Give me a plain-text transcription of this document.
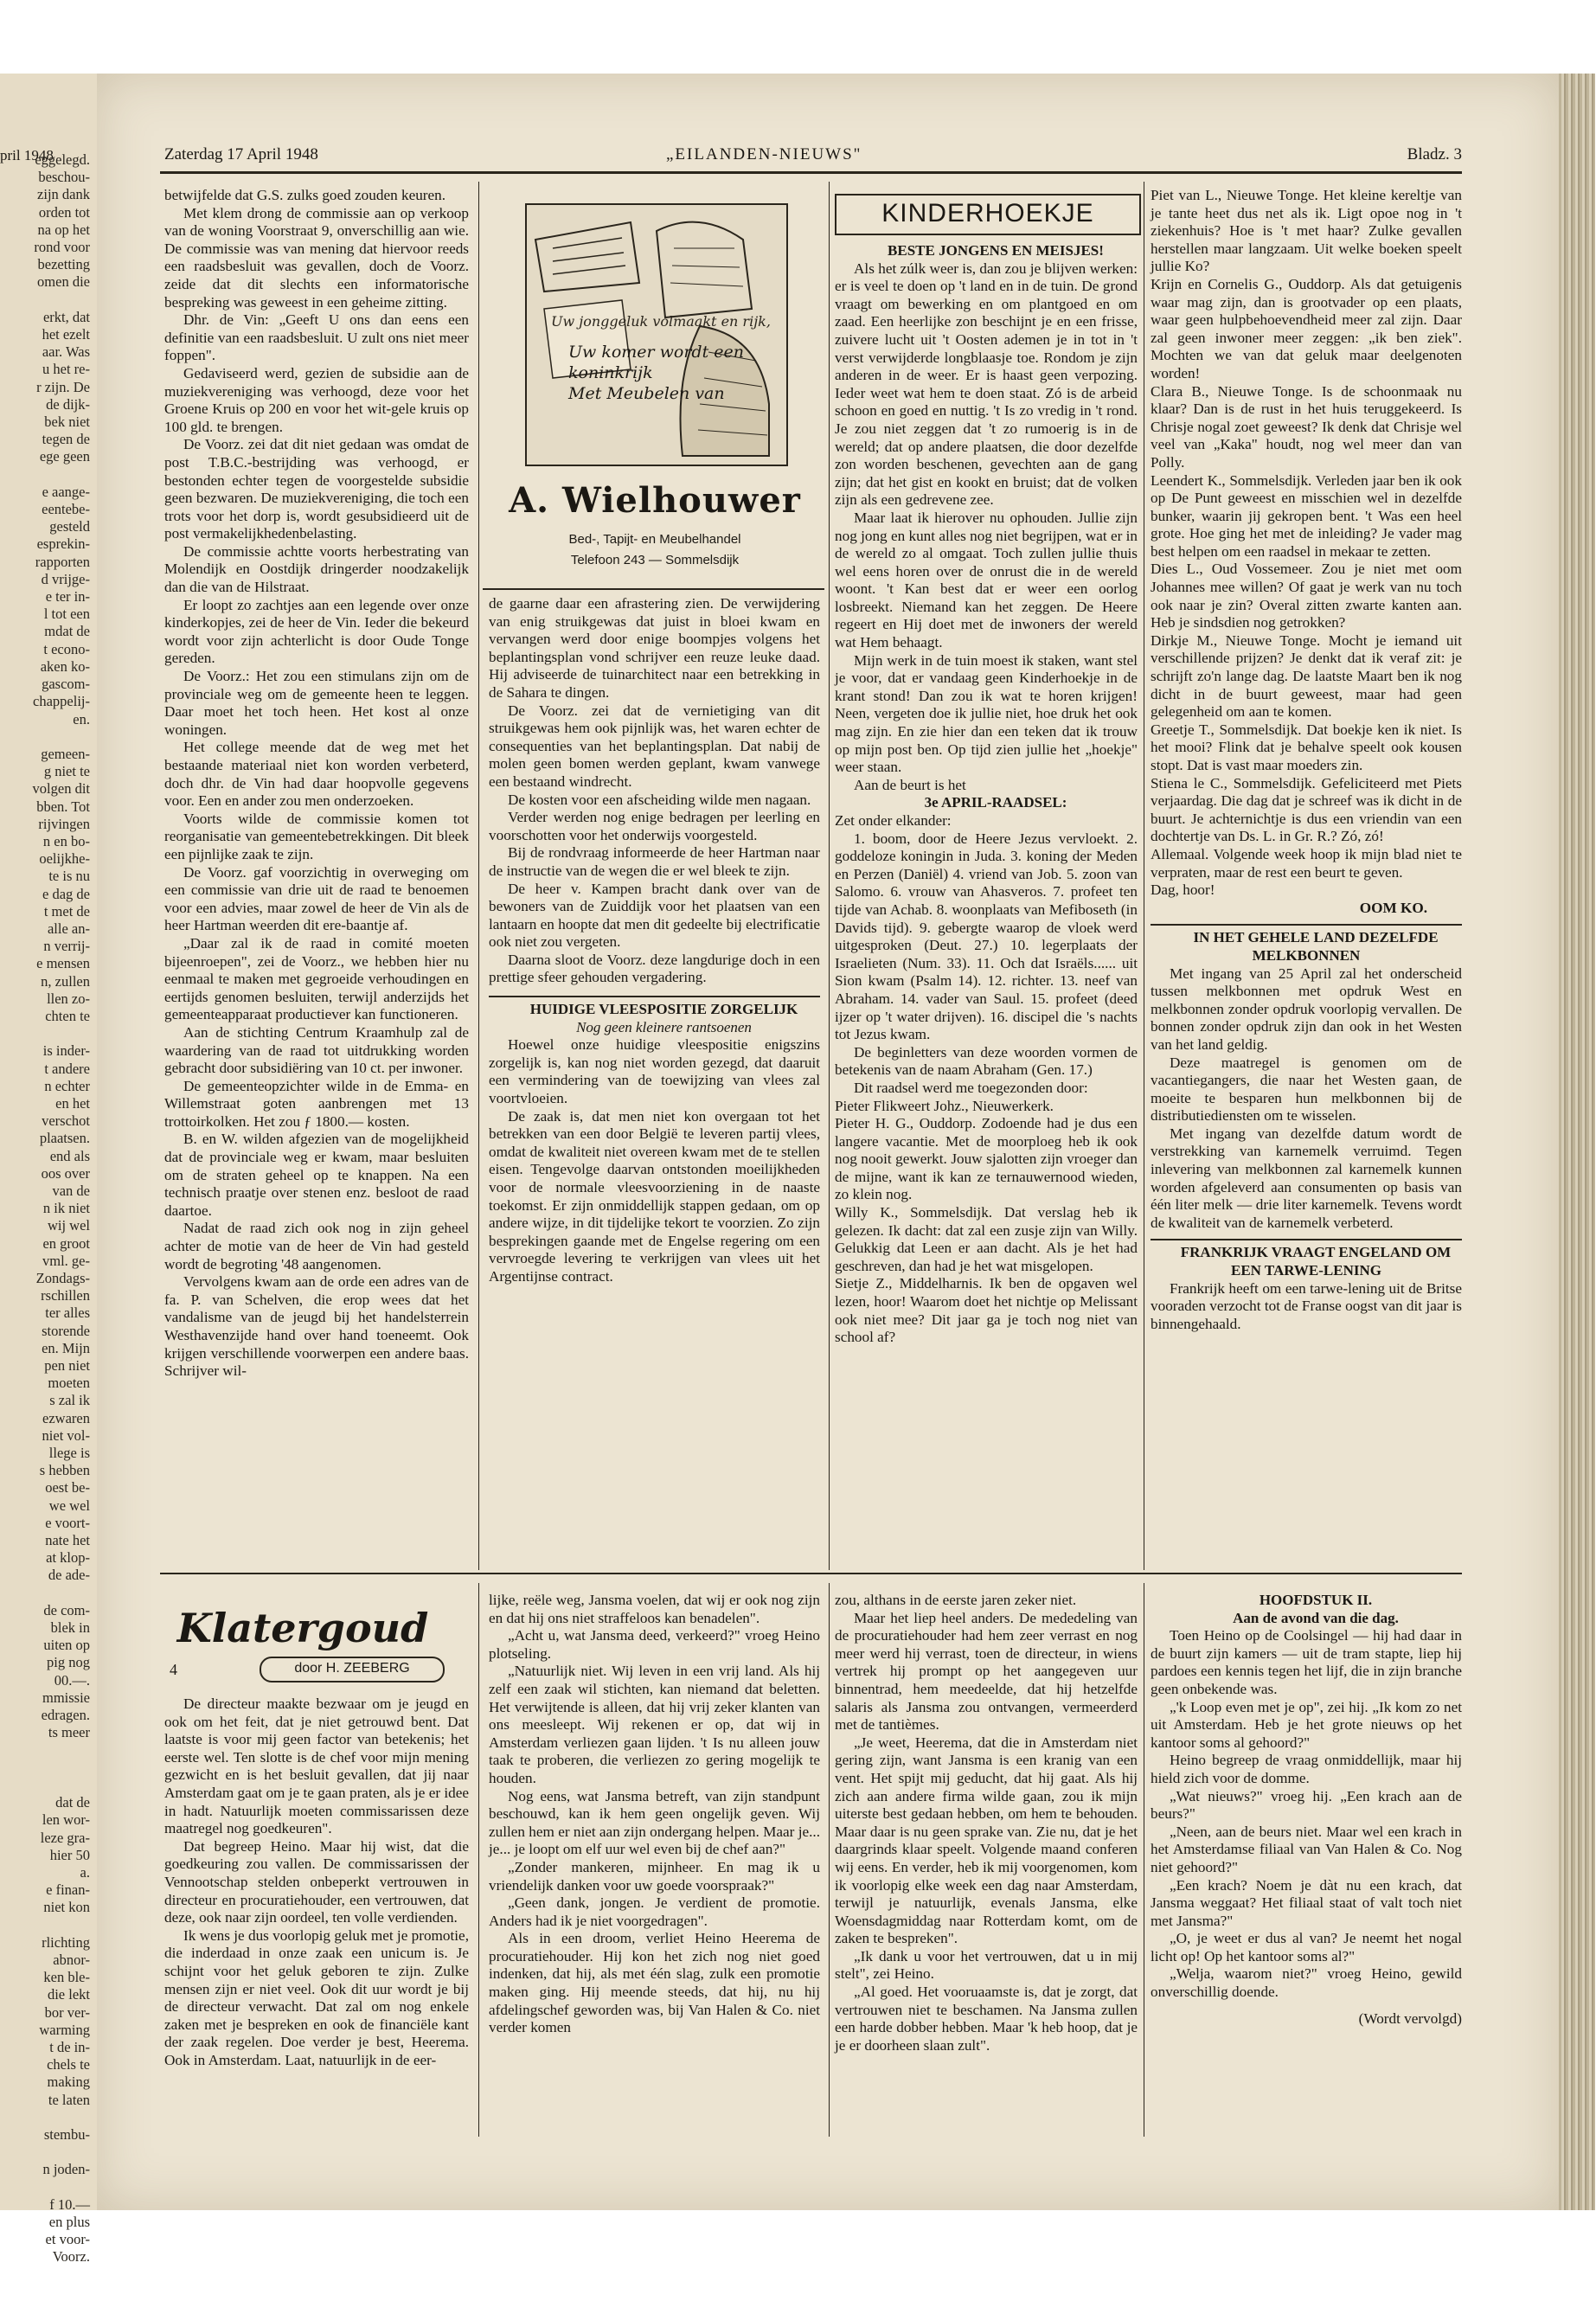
pril 1948
eggelegd.
beschou-
zijn dank
orden tot
na op het
rond voor
bezetting
omen die

erkt, dat
het ezelt
aar. Was
u het re-
r zijn. De
de dijk-
bek niet
tegen de
ege geen

e aange-
eentebe-
gesteld
esprekin-
rapporten
d vrijge-
e ter in-
l tot een
mdat de
t econo-
aken ko-
gascom-
chappelij-
en.

gemeen-
g niet te
volgen dit
bben. Tot
rijvingen
n en bo-
oelijkhe-
te is nu
e dag de
t met de
alle an-
n verrij-
e mensen
n, zullen
llen zo-
chten te

is inder-
t andere
n echter
en het
verschot
plaatsen.
end als
oos over
van de
n ik niet
wij wel
en groot
vml. ge-
Zondags-
rschillen
ter alles
storende
en. Mijn
pen niet
moeten
s zal ik
ezwaren
niet vol-
llege is
s hebben
oest be-
we wel
e voort-
nate het
at klop-
de ade-

de com-
blek in
uiten op
pig nog
00.—.
mmissie
edragen.
ts meer

dat de
len wor-
leze gra-
hier 50
a.
e finan-
niet kon

rlichting
abnor-
ken ble-
die lekt
bor ver-
warming
t de in-
chels te
making
te laten

stembu-

n joden-

f 10.—
en plus
et voor-
Voorz.
Zaterdag 17 April 1948	„EILANDEN-NIEUWS"	Bladz. 3

betwijfelde dat G.S. zulks goed zouden keuren.

Met klem drong de commissie aan op verkoop van de woning Voorstraat 9, onverschillig aan wie. De commissie was van mening dat hiervoor reeds een raadsbesluit was gevallen, doch de Voorz. zeide dat dit slechts een informatorische bespreking was geweest in een geheime zitting.

Dhr. de Vin: „Geeft U ons dan eens een definitie van een raadsbesluit. U zult ons niet meer foppen".

Gedaviseerd werd, gezien de subsidie aan de muziekvereniging was verhoogd, deze voor het Groene Kruis op 200 en voor het wit-gele kruis op 100 gld. te brengen.

De Voorz. zei dat dit niet gedaan was omdat de post T.B.C.-bestrijding was verhoogd, er bestonden echter tegen de voorgestelde subsidie geen bezwaren. De muziekvereniging, die toch een trots voor het dorp is, wordt gesubsidieerd uit de post vermakelijkhedenbelasting.

De commissie achtte voorts herbestrating van Molendijk en Oostdijk dringerder noodzakelijk dan die van de Hilstraat.

Er loopt zo zachtjes aan een legende over onze kinderkopjes, zei de heer de Vin. Ieder die bekeurd wordt voor zijn achterlicht is door Oude Tonge gereden.

De Voorz.: Het zou een stimulans zijn om de provinciale weg om de gemeente heen te leggen. Daar moet het toch heen. Het kost al onze woningen.

Het college meende dat de weg met het bestaande materiaal niet kon worden verbeterd, doch dhr. de Vin had daar hoopvolle gegevens voor. Een en ander zou men onderzoeken.

Voorts wilde de commissie komen tot reorganisatie van gemeentebetrekkingen. Dit bleek een pijnlijke zaak te zijn.

De Voorz. gaf voorzichtig in overweging om een commissie van drie uit de raad te benoemen voor een advies, maar zowel de heer de Vin als de heer Hartman weerden dit ere-baantje af.

„Daar zal ik de raad in comité moeten bijeenroepen", zei de Voorz., we hebben hier nu eenmaal te maken met gegroeide verhoudingen en eertijds genomen besluiten, terwijl anderzijds het gemeenteapparaat productiever kan functioneren.

Aan de stichting Centrum Kraamhulp zal de waardering van de raad tot uitdrukking worden gebracht door subsidiëring van 10 ct. per inwoner.

De gemeenteopzichter wilde in de Emma- en Willemstraat goten aanbrengen met 13 trottoirkolken. Het zou ƒ 1800.— kosten.

B. en W. wilden afgezien van de mogelijkheid dat de provinciale weg er kwam, maar besluiten om de straten geheel op te knappen. Na een technisch praatje over stenen enz. besloot de raad daartoe.

Nadat de raad zich ook nog in zijn geheel achter de motie van de heer de Vin had gesteld wordt de begroting '48 aangenomen.

Vervolgens kwam aan de orde een adres van de fa. P. van Schelven, die erop wees dat het vandalisme van de jeugd bij het handelsterrein Westhavenzijde hand over hand toeneemt. Ook krijgen verschillende voorwerpen een andere baas. Schrijver wil-

Uw jonggeluk volmaakt en rijk,
Uw komer wordt een koninkrijk
Met Meubelen van
A. Wielhouwer
Bed-, Tapijt- en Meubelhandel
Telefoon 243 — Sommelsdijk

de gaarne daar een afrastering zien. De verwijdering van enig struikgewas dat juist in bloei kwam en vervangen werd door enige boompjes volgens het beplantingsplan vond schrijver een reuze leuke daad. Hij adviseerde de tuinarchitect naar een betrekking in de Sahara te dingen.

De Voorz. zei dat de vernietiging van dit struikgewas hem ook pijnlijk was, het waren echter de consequenties van het beplantingsplan. Dat nabij de molen geen bomen werden geplant, kwam vanwege een bestaand windrecht.

De kosten voor een afscheiding wilde men nagaan.

Verder werden nog enige bedragen per leerling en voorschotten voor het onderwijs voorgesteld.

Bij de rondvraag informeerde de heer Hartman naar de instructie van de wegen die er wel bleek te zijn.

De heer v. Kampen bracht dank over van de bewoners van de Zuiddijk voor het plaatsen van een lantaarn en hoopte dat men dit gedeelte bij electrificatie ook niet zou vergeten.

Daarna sloot de Voorz. deze langdurige doch in een prettige sfeer gehouden vergadering.

HUIDIGE VLEESPOSITIE ZORGELIJK

Nog geen kleinere rantsoenen

Hoewel onze huidige vleespositie enigszins zorgelijk is, kan nog niet worden gezegd, dat daaruit een vermindering van de toewijzing van vlees zal voortvloeien.

De zaak is, dat men niet kon overgaan tot het betrekken van een door België te leveren partij vlees, omdat de kwaliteit niet overeen kwam met de te stellen eisen. Tengevolge daarvan ontstonden moeilijkheden voor de normale vleesvoorziening in de naaste toekomst. Er zijn onmiddellijk stappen gedaan, om op andere wijze, in dit tijdelijke tekort te voorzien. Zo zijn besprekingen gaande met de Engelse regering om een vervroegde levering te verkrijgen van vlees uit het Argentijnse contract.

KINDERHOEKJE

BESTE JONGENS EN MEISJES!

Als het zúlk weer is, dan zou je blijven werken: er is veel te doen op 't land en in de tuin. De grond vraagt om bewerking en om plantgoed en om zaad. Een heerlijke zon beschijnt je en een frisse, zuivere lucht uit 't Oosten ademen je in tot in 't verst verwijderde longblaasje toe. Rondom je zijn anderen in de weer. Er is haast geen verpozing. Ieder weet wat hem te doen staat. Zó is de arbeid schoon en goed en nuttig. 't Is zo vredig in 't rond. Je zou niet zeggen dat 't zo rumoerig is in de wereld; dat op andere plaatsen, die door dezelfde zon worden beschenen, gevechten aan de gang zijn; dat het gist en kookt en bruist; dat de volken zijn als een gedrevene zee.

Maar laat ik hierover nu ophouden. Jullie zijn nog jong en kunt alles nog niet begrijpen, wat er in de wereld zo al omgaat. Toch zullen jullie thuis wel eens horen over de onrust die in de wereld woont. 't Kan best dat er weer een oorlog losbreekt. Niemand kan het zeggen. De Heere regeert en Hij doet met de inwoners der wereld wat Hem behaagt.

Mijn werk in de tuin moest ik staken, want stel je voor, dat er vandaag geen Kinderhoekje in de krant stond! Dan zou ik wat te horen krijgen! Neen, vergeten doe ik jullie niet, hoe druk het ook mag zijn. En zie hier dan een teken dat ik trouw op mijn post ben. Op tijd zien jullie het „hoekje" weer staan.

Aan de beurt is het

3e APRIL-RAADSEL:

Zet onder elkander:

1. boom, door de Heere Jezus vervloekt. 2. goddeloze koningin in Juda. 3. koning der Meden en Perzen (Daniël) 4. vriend van Job. 5. zoon van Salomo. 6. vrouw van Ahasveros. 7. profeet ten tijde van Achab. 8. woonplaats van Mefiboseth (in Davids tijd). 9. gebergte waarop de vloek werd uitgesproken (Deut. 27.) 10. legerplaats der Israelieten (Num. 33). 11. Och dat Israëls...... uit Sion kwam (Psalm 14). 12. richter. 13. neef van Abraham. 14. vader van Saul. 15. profeet (deed ijzer op 't water drijven). 16. discipel die 's nachts tot Jezus kwam.

De beginletters van deze woorden vormen de betekenis van de naam Abraham (Gen. 17.)

Dit raadsel werd me toegezonden door:

Pieter Flikweert Johz., Nieuwerkerk.

Pieter H. G., Ouddorp. Zodoende had je dus een langere vacantie. Met de moorploeg heb ik ook nog nooit gewerkt. Jouw sjalotten zijn vroeger dan de mijne, want ik kan ze ternauwernood wieden, zo klein nog.

Willy K., Sommelsdijk. Dat verslag heb ik gelezen. Ik dacht: dat zal een zusje zijn van Willy. Gelukkig dat Leen er aan dacht. Als je het had geschreven, dan had je het wat misgelopen.

Sietje Z., Middelharnis. Ik ben de opgaven wel lezen, hoor! Waarom doet het nichtje op Melissant ook niet mee? Dit jaar ga je toch nog niet van school af?

Piet van L., Nieuwe Tonge. Het kleine kereltje van je tante heet dus net als ik. Ligt opoe nog in 't ziekenhuis? Hoe is 't met haar? Zulke gevallen herstellen maar langzaam. Uit welke boeken speelt jullie Ko?

Krijn en Cornelis G., Ouddorp. Als dat getuigenis waar mag zijn, dan is grootvader op een plaats, waar geen hulpbehoevendheid meer zal zijn. Daar zal geen inwoner meer zeggen: „ik ben ziek". Mochten we van dat geluk maar deelgenoten worden!

Clara B., Nieuwe Tonge. Is de schoonmaak nu klaar? Dan is de rust in het huis teruggekeerd. Is Chrisje nogal zoet geweest? Ik denk dat Chrisje wel veel van „Kaka" houdt, nog wel meer dan van Polly.

Leendert K., Sommelsdijk. Verleden jaar ben ik ook op De Punt geweest en misschien wel in dezelfde bunker, waarin jij gekropen bent. 't Was een heel grote. Hoe ging het met de inleiding? Je vader mag best helpen om een raadsel in mekaar te zetten.

Dies L., Oud Vossemeer. Zou je niet met oom Johannes mee willen? Of gaat je werk van nu toch ook naar je zin? Overal zitten zwarte kanten aan. Heb je sindsdien nog getrokken?

Dirkje M., Nieuwe Tonge. Mocht je iemand uit verschillende prijzen? Je denkt dat ik veraf zit: je schrijft zo'n lange dag. De laatste Maart ben ik nog dicht in de buurt geweest, maar had geen gelegenheid om aan te komen.

Greetje T., Sommelsdijk. Dat boekje ken ik niet. Is het mooi? Flink dat je behalve speelt ook kousen stopt. Dat is vast maar moeders zin.

Stiena le C., Sommelsdijk. Gefeliciteerd met Piets verjaardag. Die dag dat je schreef was ik dicht in de buurt. Je achternichtje is dus een vriendin van een dochtertje van Ds. L. in Gr. R.? Zó, zó!

Allemaal. Volgende week hoop ik mijn blad niet te verpraten, maar de rest een beurt te geven.

Dag, hoor!

OOM KO.

IN HET GEHELE LAND DEZELFDE MELKBONNEN

Met ingang van 25 April zal het onderscheid tussen melkbonnen met opdruk West en melkbonnen zonder opdruk voorlopig vervallen. De bonnen zonder opdruk zijn dan ook in het Westen van het land geldig.

Deze maatregel is genomen om de vacantiegangers, die naar het Westen gaan, de moeite te besparen hun melkbonnen bij de distributiediensten om te wisselen.

Met ingang van dezelfde datum wordt de verstrekking van karnemelk verruimd. Tegen inlevering van melkbonnen zal karnemelk kunnen worden afgeleverd aan consumenten op basis van één liter melk — drie liter karnemelk. Tevens wordt de kwaliteit van de karnemelk verbeterd.

FRANKRIJK VRAAGT ENGELAND OM EEN TARWE-LENING

Frankrijk heeft om een tarwe-lening uit de Britse vooraden verzocht tot de Franse oogst van dit jaar is binnengehaald.

Klatergoud
4	door H. ZEEBERG

De directeur maakte bezwaar om je jeugd en ook om het feit, dat je niet getrouwd bent. Dat laatste is voor mij geen factor van betekenis; het eerste wel. Ten slotte is de chef voor mijn mening gezwicht en is het besluit gevallen, dat jij naar Amsterdam gaat om je te gaan praten, als je er idee in hadt. Natuurlijk moeten commissarissen deze maatregel nog goedkeuren".

Dat begreep Heino. Maar hij wist, dat die goedkeuring zou vallen. De commissarissen der Vennootschap stelden onbeperkt vertrouwen in directeur en procuratiehouder, een vertrouwen, dat deze, ook naar zijn oordeel, ten volle verdienden.

Ik wens je dus voorlopig geluk met je promotie, die inderdaad in onze zaak een unicum is. Je schijnt voor het geluk geboren te zijn. Zulke mensen zijn er niet veel. Ook dit uur wordt je bij de directeur verwacht. Dat zal om nog enkele zaken met je bespreken en ook de financiële kant der zaak regelen. Doe verder je best, Heerema. Ook in Amsterdam. Laat, natuurlijk in de eer-

lijke, reële weg, Jansma voelen, dat wij er ook nog zijn en dat hij ons niet straffeloos kan benadelen".

„Acht u, wat Jansma deed, verkeerd?" vroeg Heino plotseling.

„Natuurlijk niet. Wij leven in een vrij land. Als hij zelf een zaak wil stichten, kan niemand dat beletten. Het verwijtende is alleen, dat hij vrij zeker klanten van ons meesleept. Wij rekenen er op, dat wij in Amsterdam verliezen gaan lijden. 't Is nu alleen jouw taak te proberen, die verliezen zo gering mogelijk te houden.

Nog eens, wat Jansma betreft, van zijn standpunt beschouwd, kan ik hem geen ongelijk geven. Wij zullen hem er niet aan zijn ondergang helpen. Maar je... je... je loopt om elf uur wel even bij de chef aan?"

„Zonder mankeren, mijnheer. En mag ik u vriendelijk danken voor uw goede voorspraak?"

„Geen dank, jongen. Je verdient de promotie. Anders had ik je niet voorgedragen".

Als in een droom, verliet Heino Heerema de procuratiehouder. Hij kon het zich nog niet goed indenken, dat hij, als met één slag, zulk een promotie maken ging. Hij meende steeds, dat hij, nu hij afdelingschef geworden was, bij Van Halen & Co. niet verder komen

zou, althans in de eerste jaren zeker niet.

Maar het liep heel anders. De mededeling van de procuratiehouder had hem zeer verrast en nog meer werd hij verrast, toen de directeur, in wiens vertrek hij prompt op het aangegeven uur binnentrad, hem meedeelde, dat hij hetzelfde salaris als Jansma zou ontvangen, vermeerderd met de tantièmes.

„Je weet, Heerema, dat die in Amsterdam niet gering zijn, want Jansma is een kranig van een vent. Het spijt mij geducht, dat hij gaat. Als hij zich aan andere firma wilde gaan, zou ik mijn uiterste best gedaan hebben, om hem te behouden. Maar daar is nu geen sprake van. Zie nu, dat je het daargrinds klaar speelt. Volgende maand conferen wij eens. En verder, heb ik mij voorgenomen, kom ik voorlopig elke week een dag naar Amsterdam, terwijl je natuurlijk, evenals Jansma, elke Woensdagmiddag naar Rotterdam komt, om de zaken te bespreken".

„Ik dank u voor het vertrouwen, dat u in mij stelt", zei Heino.

„Al goed. Het vooruaamste is, dat je zorgt, dat vertrouwen niet te beschamen. Na Jansma zullen een harde dobber hebben. Maar 'k heb hoop, dat je je er doorheen slaan zult".

HOOFDSTUK II.

Aan de avond van die dag.

Toen Heino op de Coolsingel — hij had daar in de buurt zijn kamers — uit de tram stapte, liep hij pardoes een kennis tegen het lijf, die in zijn branche geen onbekende was.

„'k Loop even met je op", zei hij. „Ik kom zo net uit Amsterdam. Heb je het grote nieuws op het kantoor soms al gehoord?"

Heino begreep de vraag onmiddellijk, maar hij hield zich voor de domme.

„Wat nieuws?" vroeg hij. „Een krach aan de beurs?"

„Neen, aan de beurs niet. Maar wel een krach in het Amsterdamse filiaal van Van Halen & Co. Nog niet gehoord?"

„Een krach? Noem je dàt nu een krach, dat Jansma weggaat? Het filiaal staat of valt toch niet met Jansma?"

„O, je weet er dus al van? Je neemt het nogal licht op! Op het kantoor soms al?"

„Welja, waarom niet?" vroeg Heino, gewild onverschillig doende.

(Wordt vervolgd)
